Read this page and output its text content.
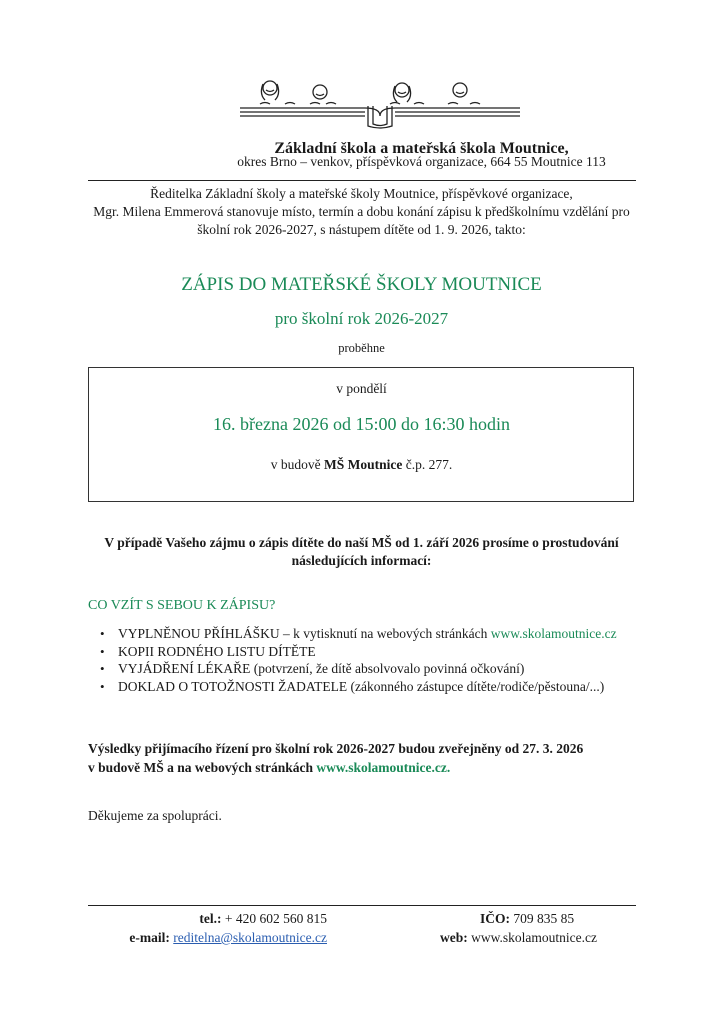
Základní škola a mateřská škola Moutnice,
okres Brno – venkov, příspěvková organizace, 664 55 Moutnice 113
Ředitelka Základní školy a mateřské školy Moutnice, příspěvkové organizace,
Mgr. Milena Emmerová stanovuje místo, termín a dobu konání zápisu k předškolnímu vzdělání pro
školní rok 2026-2027, s nástupem dítěte od 1. 9. 2026, takto:
ZÁPIS DO MATEŘSKÉ ŠKOLY MOUTNICE
pro školní rok 2026-2027
proběhne
v pondělí
16. března 2026 od 15:00 do 16:30 hodin
v budově MŠ Moutnice č.p. 277.
V případě Vašeho zájmu o zápis dítěte do naší MŠ od 1. září 2026 prosíme o prostudování
následujících informací:
CO VZÍT S SEBOU K ZÁPISU?
• VYPLNĚNOU PŘÍHLÁŠKU – k vytisknutí na webových stránkách www.skolamoutnice.cz
• KOPII RODNÉHO LISTU DÍTĚTE
• VYJÁDŘENÍ LÉKAŘE (potvrzení, že dítě absolvovalo povinná očkování)
• DOKLAD O TOTOŽNOSTI ŽADATELE (zákonného zástupce dítěte/rodiče/pěstouna/...)
Výsledky přijímacího řízení pro školní rok 2026-2027 budou zveřejněny od 27. 3. 2026
v budově MŠ a na webových stránkách www.skolamoutnice.cz.
Děkujeme za spolupráci.
tel.: + 420 602 560 815
e-mail: reditelna@skolamoutnice.cz
IČO: 709 835 85
web: www.skolamoutnice.cz
